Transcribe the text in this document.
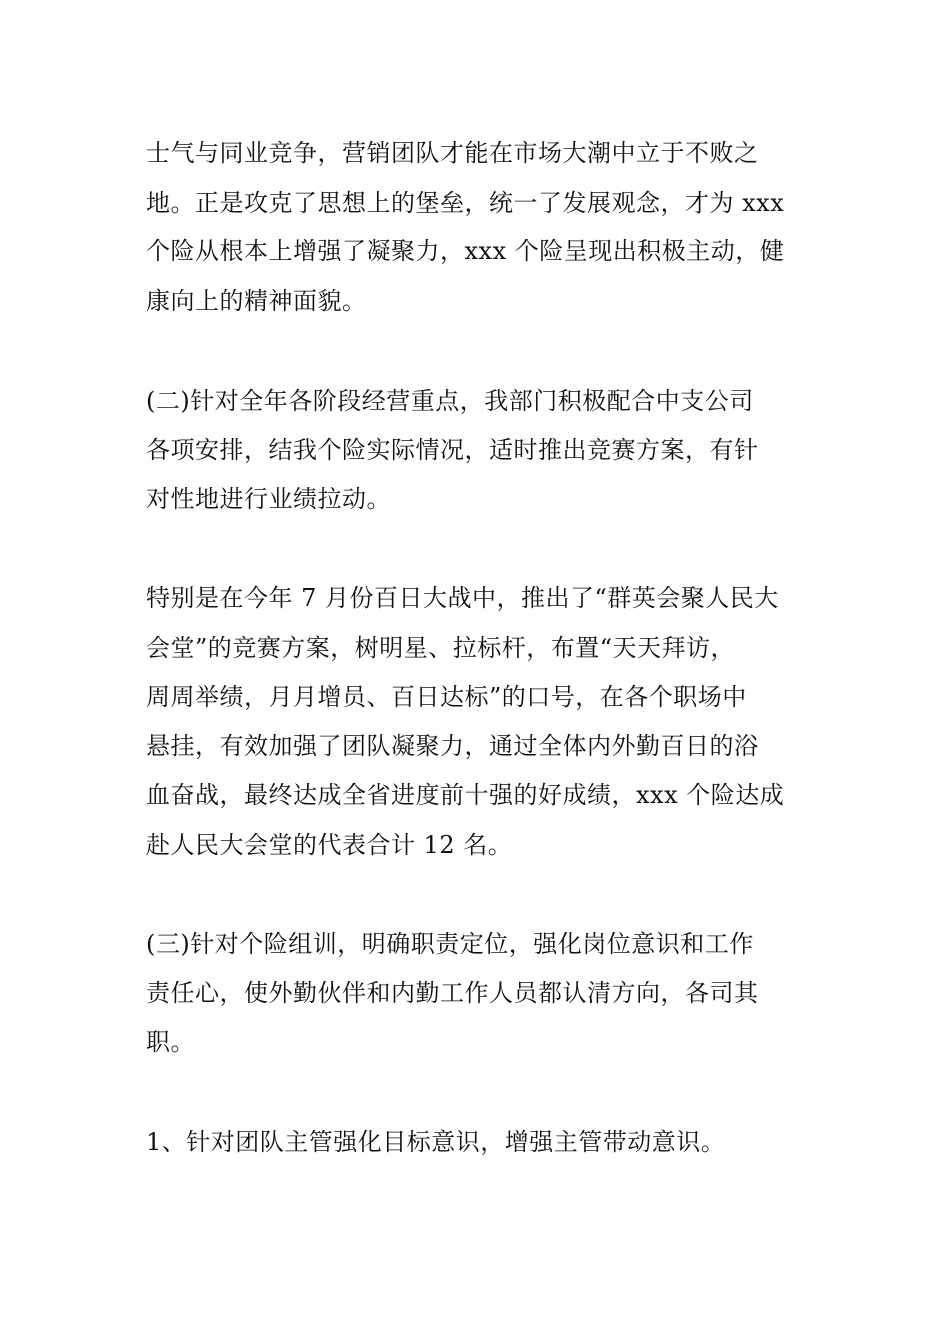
士气与同业竞争，营销团队才能在市场大潮中立于不败之
地。正是攻克了思想上的堡垒，统一了发展观念，才为 xxx
个险从根本上增强了凝聚力，xxx 个险呈现出积极主动，健
康向上的精神面貌。
(二)针对全年各阶段经营重点，我部门积极配合中支公司
各项安排，结我个险实际情况，适时推出竞赛方案，有针
对性地进行业绩拉动。
特别是在今年 7 月份百日大战中，推出了“群英会聚人民大
会堂”的竞赛方案，树明星、拉标杆，布置“天天拜访，
周周举绩，月月增员、百日达标”的口号，在各个职场中
悬挂，有效加强了团队凝聚力，通过全体内外勤百日的浴
血奋战，最终达成全省进度前十强的好成绩，xxx 个险达成
赴人民大会堂的代表合计 12 名。
(三)针对个险组训，明确职责定位，强化岗位意识和工作
责任心，使外勤伙伴和内勤工作人员都认清方向，各司其
职。
1、针对团队主管强化目标意识，增强主管带动意识。
